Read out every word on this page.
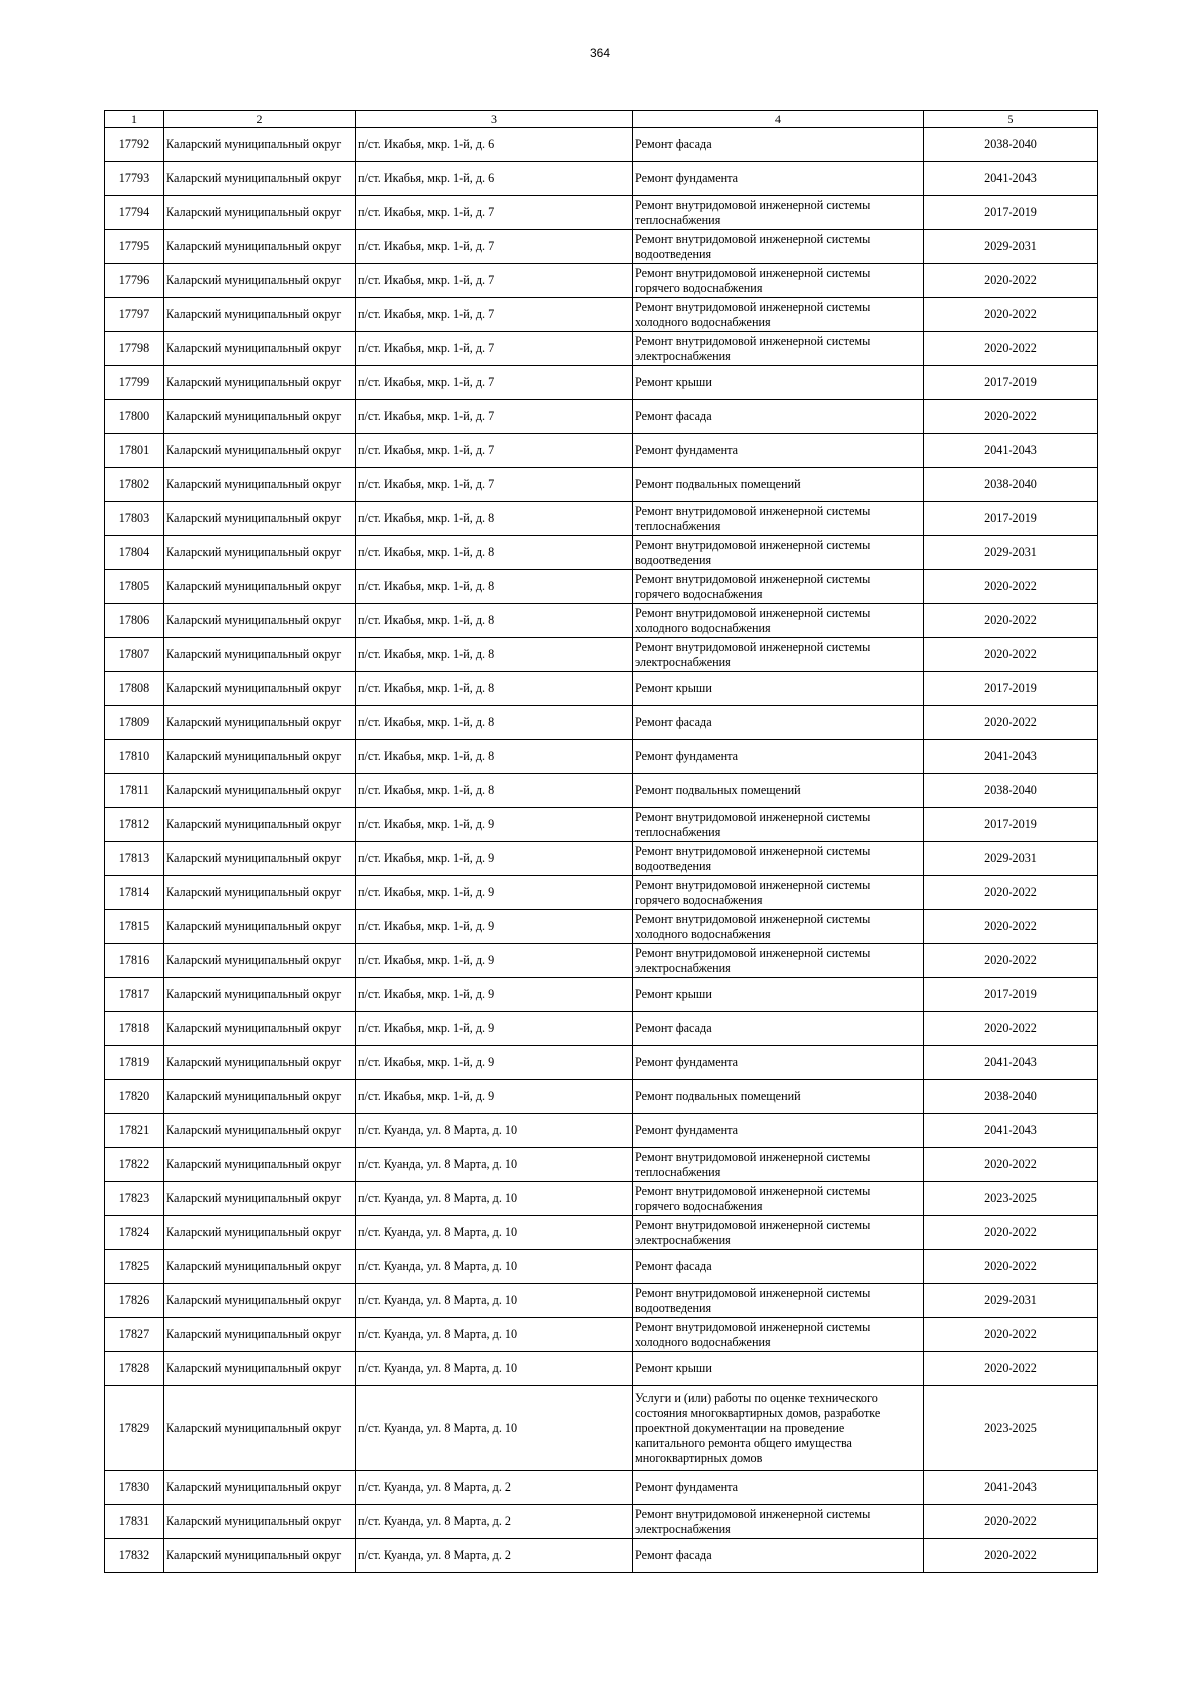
364
1	2	3	4	5
17792	Каларский муниципальный округ	п/ст. Икабья, мкр. 1-й, д. 6	Ремонт фасада	2038-2040
17793	Каларский муниципальный округ	п/ст. Икабья, мкр. 1-й, д. 6	Ремонт фундамента	2041-2043
17794	Каларский муниципальный округ	п/ст. Икабья, мкр. 1-й, д. 7	Ремонт внутридомовой инженерной системы
теплоснабжения	2017-2019
17795	Каларский муниципальный округ	п/ст. Икабья, мкр. 1-й, д. 7	Ремонт внутридомовой инженерной системы
водоотведения	2029-2031
17796	Каларский муниципальный округ	п/ст. Икабья, мкр. 1-й, д. 7	Ремонт внутридомовой инженерной системы
горячего водоснабжения	2020-2022
17797	Каларский муниципальный округ	п/ст. Икабья, мкр. 1-й, д. 7	Ремонт внутридомовой инженерной системы
холодного водоснабжения	2020-2022
17798	Каларский муниципальный округ	п/ст. Икабья, мкр. 1-й, д. 7	Ремонт внутридомовой инженерной системы
электроснабжения	2020-2022
17799	Каларский муниципальный округ	п/ст. Икабья, мкр. 1-й, д. 7	Ремонт крыши	2017-2019
17800	Каларский муниципальный округ	п/ст. Икабья, мкр. 1-й, д. 7	Ремонт фасада	2020-2022
17801	Каларский муниципальный округ	п/ст. Икабья, мкр. 1-й, д. 7	Ремонт фундамента	2041-2043
17802	Каларский муниципальный округ	п/ст. Икабья, мкр. 1-й, д. 7	Ремонт подвальных помещений	2038-2040
17803	Каларский муниципальный округ	п/ст. Икабья, мкр. 1-й, д. 8	Ремонт внутридомовой инженерной системы
теплоснабжения	2017-2019
17804	Каларский муниципальный округ	п/ст. Икабья, мкр. 1-й, д. 8	Ремонт внутридомовой инженерной системы
водоотведения	2029-2031
17805	Каларский муниципальный округ	п/ст. Икабья, мкр. 1-й, д. 8	Ремонт внутридомовой инженерной системы
горячего водоснабжения	2020-2022
17806	Каларский муниципальный округ	п/ст. Икабья, мкр. 1-й, д. 8	Ремонт внутридомовой инженерной системы
холодного водоснабжения	2020-2022
17807	Каларский муниципальный округ	п/ст. Икабья, мкр. 1-й, д. 8	Ремонт внутридомовой инженерной системы
электроснабжения	2020-2022
17808	Каларский муниципальный округ	п/ст. Икабья, мкр. 1-й, д. 8	Ремонт крыши	2017-2019
17809	Каларский муниципальный округ	п/ст. Икабья, мкр. 1-й, д. 8	Ремонт фасада	2020-2022
17810	Каларский муниципальный округ	п/ст. Икабья, мкр. 1-й, д. 8	Ремонт фундамента	2041-2043
17811	Каларский муниципальный округ	п/ст. Икабья, мкр. 1-й, д. 8	Ремонт подвальных помещений	2038-2040
17812	Каларский муниципальный округ	п/ст. Икабья, мкр. 1-й, д. 9	Ремонт внутридомовой инженерной системы
теплоснабжения	2017-2019
17813	Каларский муниципальный округ	п/ст. Икабья, мкр. 1-й, д. 9	Ремонт внутридомовой инженерной системы
водоотведения	2029-2031
17814	Каларский муниципальный округ	п/ст. Икабья, мкр. 1-й, д. 9	Ремонт внутридомовой инженерной системы
горячего водоснабжения	2020-2022
17815	Каларский муниципальный округ	п/ст. Икабья, мкр. 1-й, д. 9	Ремонт внутридомовой инженерной системы
холодного водоснабжения	2020-2022
17816	Каларский муниципальный округ	п/ст. Икабья, мкр. 1-й, д. 9	Ремонт внутридомовой инженерной системы
электроснабжения	2020-2022
17817	Каларский муниципальный округ	п/ст. Икабья, мкр. 1-й, д. 9	Ремонт крыши	2017-2019
17818	Каларский муниципальный округ	п/ст. Икабья, мкр. 1-й, д. 9	Ремонт фасада	2020-2022
17819	Каларский муниципальный округ	п/ст. Икабья, мкр. 1-й, д. 9	Ремонт фундамента	2041-2043
17820	Каларский муниципальный округ	п/ст. Икабья, мкр. 1-й, д. 9	Ремонт подвальных помещений	2038-2040
17821	Каларский муниципальный округ	п/ст. Куанда, ул. 8 Марта, д. 10	Ремонт фундамента	2041-2043
17822	Каларский муниципальный округ	п/ст. Куанда, ул. 8 Марта, д. 10	Ремонт внутридомовой инженерной системы
теплоснабжения	2020-2022
17823	Каларский муниципальный округ	п/ст. Куанда, ул. 8 Марта, д. 10	Ремонт внутридомовой инженерной системы
горячего водоснабжения	2023-2025
17824	Каларский муниципальный округ	п/ст. Куанда, ул. 8 Марта, д. 10	Ремонт внутридомовой инженерной системы
электроснабжения	2020-2022
17825	Каларский муниципальный округ	п/ст. Куанда, ул. 8 Марта, д. 10	Ремонт фасада	2020-2022
17826	Каларский муниципальный округ	п/ст. Куанда, ул. 8 Марта, д. 10	Ремонт внутридомовой инженерной системы
водоотведения	2029-2031
17827	Каларский муниципальный округ	п/ст. Куанда, ул. 8 Марта, д. 10	Ремонт внутридомовой инженерной системы
холодного водоснабжения	2020-2022
17828	Каларский муниципальный округ	п/ст. Куанда, ул. 8 Марта, д. 10	Ремонт крыши	2020-2022
17829	Каларский муниципальный округ	п/ст. Куанда, ул. 8 Марта, д. 10	Услуги и (или) работы по оценке технического
состояния многоквартирных домов, разработке
проектной документации на проведение
капитального ремонта общего имущества
многоквартирных домов	2023-2025
17830	Каларский муниципальный округ	п/ст. Куанда, ул. 8 Марта, д. 2	Ремонт фундамента	2041-2043
17831	Каларский муниципальный округ	п/ст. Куанда, ул. 8 Марта, д. 2	Ремонт внутридомовой инженерной системы
электроснабжения	2020-2022
17832	Каларский муниципальный округ	п/ст. Куанда, ул. 8 Марта, д. 2	Ремонт фасада	2020-2022
